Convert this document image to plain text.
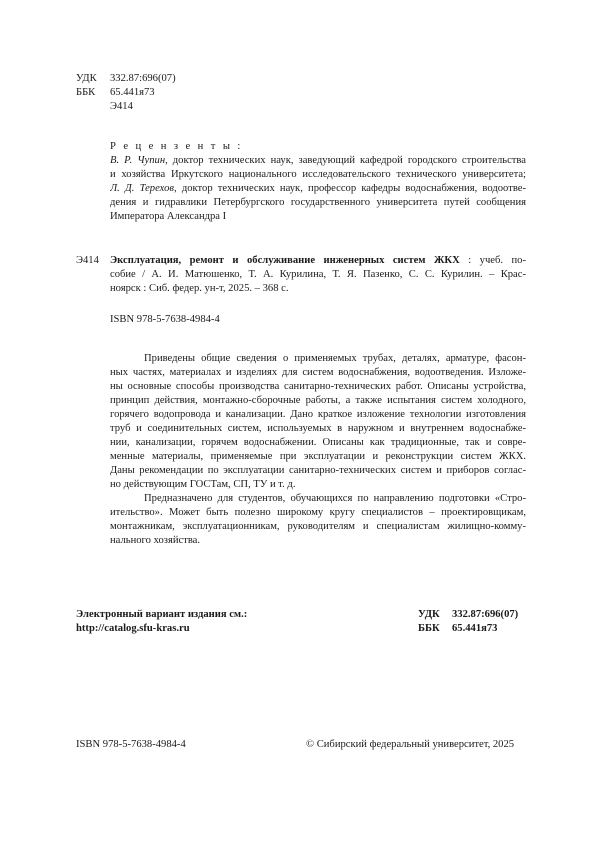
УДК 332.87:696(07)
ББК 65.441я73
Э414
Р е ц е н з е н т ы :
В. Р. Чупин, доктор технических наук, заведующий кафедрой городского строительства
и хозяйства Иркутского национального исследовательского технического университета;
Л. Д. Терехов, доктор технических наук, профессор кафедры водоснабжения, водоотве-
дения и гидравлики Петербургского государственного университета путей сообщения
Императора Александра I
Э414 Эксплуатация, ремонт и обслуживание инженерных систем ЖКХ : учеб. по-
собие / А. И. Матюшенко, Т. А. Курилина, Т. Я. Пазенко, С. С. Курилин. – Крас-
ноярск : Сиб. федер. ун-т, 2025. – 368 с.
ISBN 978-5-7638-4984-4
Приведены общие сведения о применяемых трубах, деталях, арматуре, фасон-
ных частях, материалах и изделиях для систем водоснабжения, водоотведения. Изложе-
ны основные способы производства санитарно-технических работ. Описаны устройства,
принцип действия, монтажно-сборочные работы, а также испытания систем холодного,
горячего водопровода и канализации. Дано краткое изложение технологии изготовления
труб и соединительных систем, используемых в наружном и внутреннем водоснабже-
нии, канализации, горячем водоснабжении. Описаны как традиционные, так и совре-
менные материалы, применяемые при эксплуатации и реконструкции систем ЖКХ.
Даны рекомендации по эксплуатации санитарно-технических систем и приборов соглас-
но действующим ГОСТам, СП, ТУ и т. д.
Предназначено для студентов, обучающихся по направлению подготовки «Стро-
ительство». Может быть полезно широкому кругу специалистов – проектировщикам,
монтажникам, эксплуатационникам, руководителям и специалистам жилищно-комму-
нального хозяйства.
Электронный вариант издания см.:
http://catalog.sfu-kras.ru
УДК 332.87:696(07)
ББК 65.441я73
ISBN 978-5-7638-4984-4	© Сибирский федеральный университет, 2025
